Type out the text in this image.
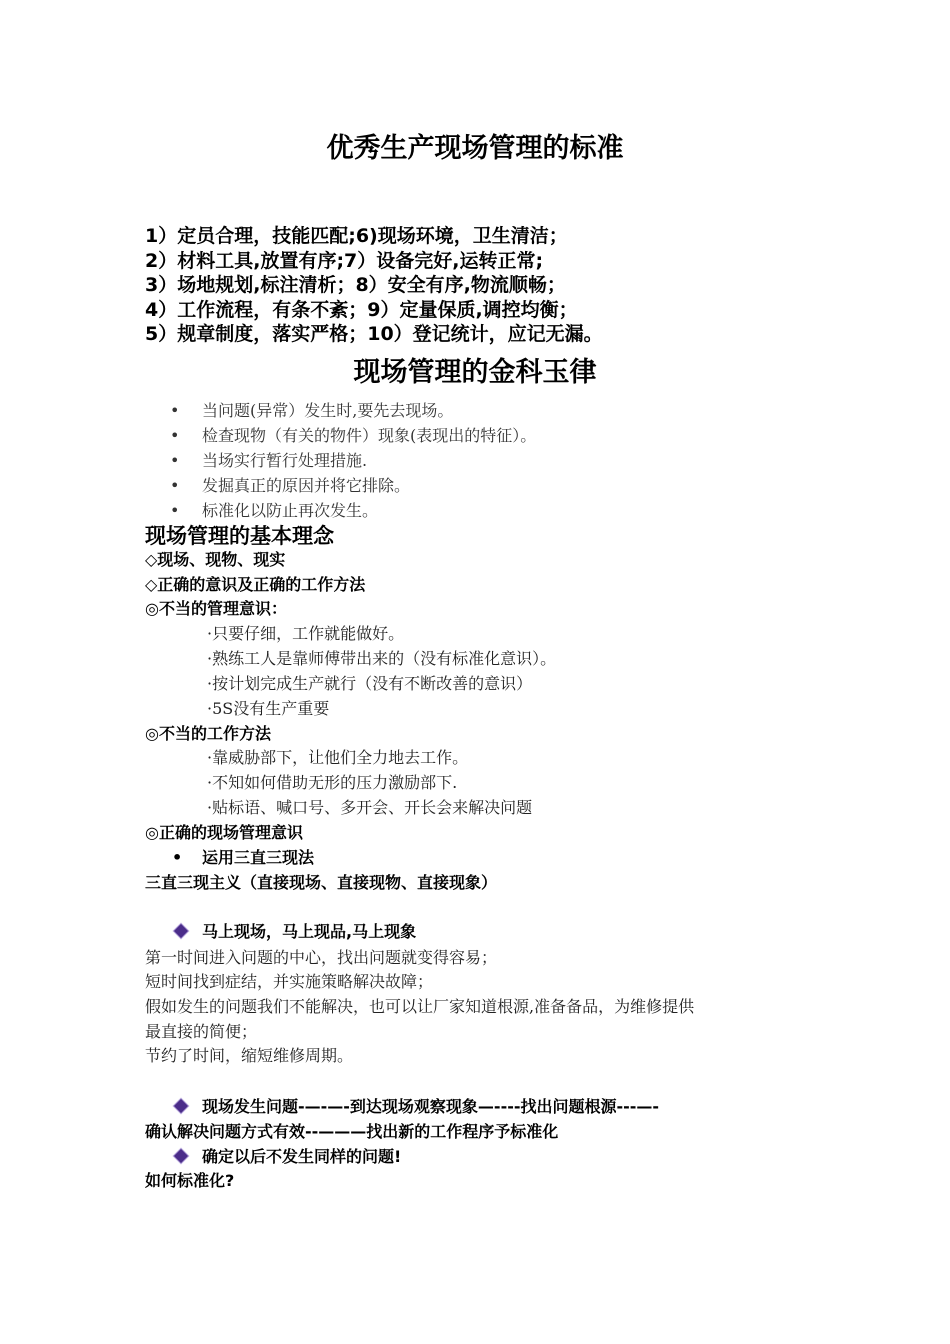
优秀生产现场管理的标准
1）定员合理，技能匹配;6)现场环境，卫生清洁；
2）材料工具,放置有序;7）设备完好,运转正常;
3）场地规划,标注清析；8）安全有序,物流顺畅；
4）工作流程，有条不紊；9）定量保质,调控均衡；
5）规章制度，落实严格；10）登记统计，应记无漏。
现场管理的金科玉律
• 当问题(异常）发生时,要先去现场。
• 检查现物（有关的物件）现象(表现出的特征）。
• 当场实行暂行处理措施.
• 发掘真正的原因并将它排除。
• 标准化以防止再次发生。
现场管理的基本理念
◇现场、现物、现实
◇正确的意识及正确的工作方法
◎不当的管理意识：
·只要仔细，工作就能做好。
·熟练工人是靠师傅带出来的（没有标准化意识）。
·按计划完成生产就行（没有不断改善的意识）
·5S没有生产重要
◎不当的工作方法
·靠威胁部下，让他们全力地去工作。
·不知如何借助无形的压力激励部下.
·贴标语、喊口号、多开会、开长会来解决问题
◎正确的现场管理意识
• 运用三直三现法
三直三现主义（直接现场、直接现物、直接现象）
马上现场，马上现品,马上现象
第一时间进入问题的中心，找出问题就变得容易；
短时间找到症结，并实施策略解决故障；
假如发生的问题我们不能解决，也可以让厂家知道根源,准备备品，为维修提供
最直接的简便；
节约了时间，缩短维修周期。
现场发生问题-—-—-到达现场观察现象—----找出问题根源---—-
确认解决问题方式有效--———找出新的工作程序予标准化
确定以后不发生同样的问题!
如何标准化?
